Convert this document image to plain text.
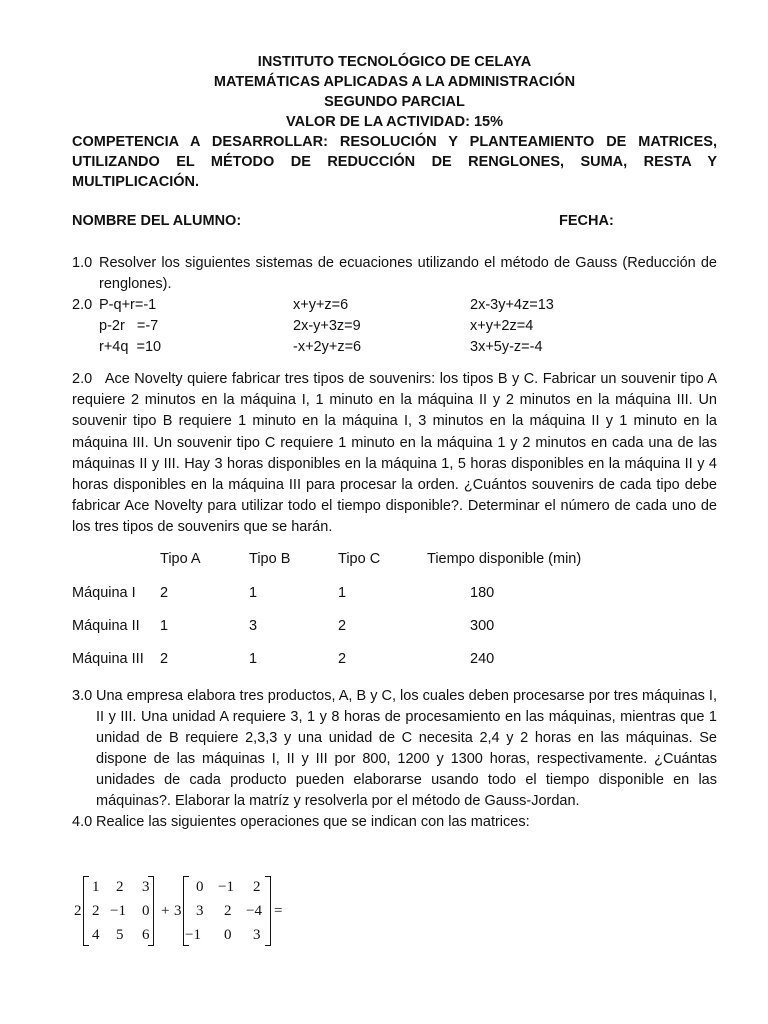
INSTITUTO TECNOLÓGICO DE CELAYA
MATEMÁTICAS APLICADAS A LA ADMINISTRACIÓN
SEGUNDO PARCIAL
VALOR DE LA ACTIVIDAD: 15%
COMPETENCIA A DESARROLLAR: RESOLUCIÓN Y PLANTEAMIENTO DE MATRICES, UTILIZANDO EL MÉTODO DE REDUCCIÓN DE RENGLONES, SUMA, RESTA Y MULTIPLICACIÓN.
NOMBRE DEL ALUMNO:	FECHA:
1.0 Resolver los siguientes sistemas de ecuaciones utilizando el método de Gauss (Reducción de renglones).
2.0 P-q+r=-1
p-2r   =-7
r+4q  =10
x+y+z=6
2x-y+3z=9
-x+2y+z=6
2x-3y+4z=13
x+y+2z=4
3x+5y-z=-4
2.0 Ace Novelty quiere fabricar tres tipos de souvenirs: los tipos B y C. Fabricar un souvenir tipo A requiere 2 minutos en la máquina I, 1 minuto en la máquina II y 2 minutos en la máquina III. Un souvenir tipo B requiere 1 minuto en la máquina I, 3 minutos en la máquina II y 1 minuto en la máquina III. Un souvenir tipo C requiere 1 minuto en la máquina 1 y 2 minutos en cada una de las máquinas II y III. Hay 3 horas disponibles en la máquina 1, 5 horas disponibles en la máquina II y 4 horas disponibles en la máquina III para procesar la orden. ¿Cuántos souvenirs de cada tipo debe fabricar Ace Novelty para utilizar todo el tiempo disponible?. Determinar el número de cada uno de los tres tipos de souvenirs que se harán.
Tipo A	Tipo B	Tipo C	Tiempo disponible (min)
Máquina I 2	1	1	180
Máquina II 1	3	2	300
Máquina III 2	1	2	240
3.0 Una empresa elabora tres productos, A, B y C, los cuales deben procesarse por tres máquinas I, II y III. Una unidad A requiere 3, 1 y 8 horas de procesamiento en las máquinas, mientras que 1 unidad de B requiere 2,3,3 y una unidad de C necesita 2,4 y 2 horas en las máquinas. Se dispone de las máquinas I, II y III por 800, 1200 y 1300 horas, respectivamente. ¿Cuántas unidades de cada producto pueden elaborarse usando todo el tiempo disponible en las máquinas?. Elaborar la matríz y resolverla por el método de Gauss-Jordan.
4.0 Realice las siguientes operaciones que se indican con las matrices:
2
1 2 3
2 −1 0
4 5 6
+ 3
0 −1 2
3 2 −4
−1 0 3
=
